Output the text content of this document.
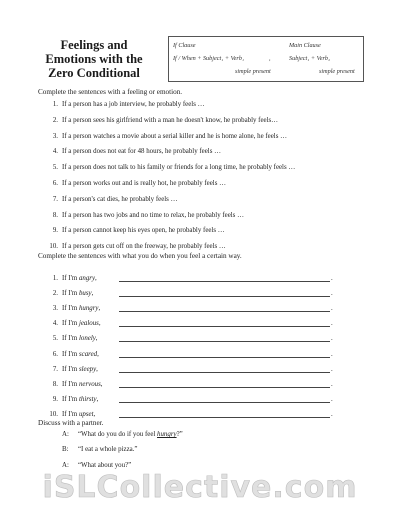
Feelings and Emotions with the Zero Conditional
If Clause	Main Clause
If / When + Subject₁ + Verb₁	,	Subject₁ + Verb₂
simple present	simple present
Complete the sentences with a feeling or emotion.
1. If a person has a job interview, he probably feels …
2. If a person sees his girlfriend with a man he doesn't know, he probably feels…
3. If a person watches a movie about a serial killer and he is home alone, he feels …
4. If a person does not eat for 48 hours, he probably feels …
5. If a person does not talk to his family or friends for a long time, he probably feels …
6. If a person works out and is really hot, he probably feels …
7. If a person's cat dies, he probably feels …
8. If a person has two jobs and no time to relax, he probably feels …
9. If a person cannot keep his eyes open, he probably feels …
10. If a person gets cut off on the freeway, he probably feels …
Complete the sentences with what you do when you feel a certain way.
1. If I'm angry,	.
2. If I'm busy,	.
3. If I'm hungry,	.
4. If I'm jealous,	.
5. If I'm lonely,	.
6. If I'm scared,	.
7. If I'm sleepy,	.
8. If I'm nervous,	.
9. If I'm thirsty,	.
10. If I'm upset,	.
Discuss with a partner.
A: “What do you do if you feel hungry?”
B: “I eat a whole pizza.”
A: “What about you?”
iSLCollective.com
